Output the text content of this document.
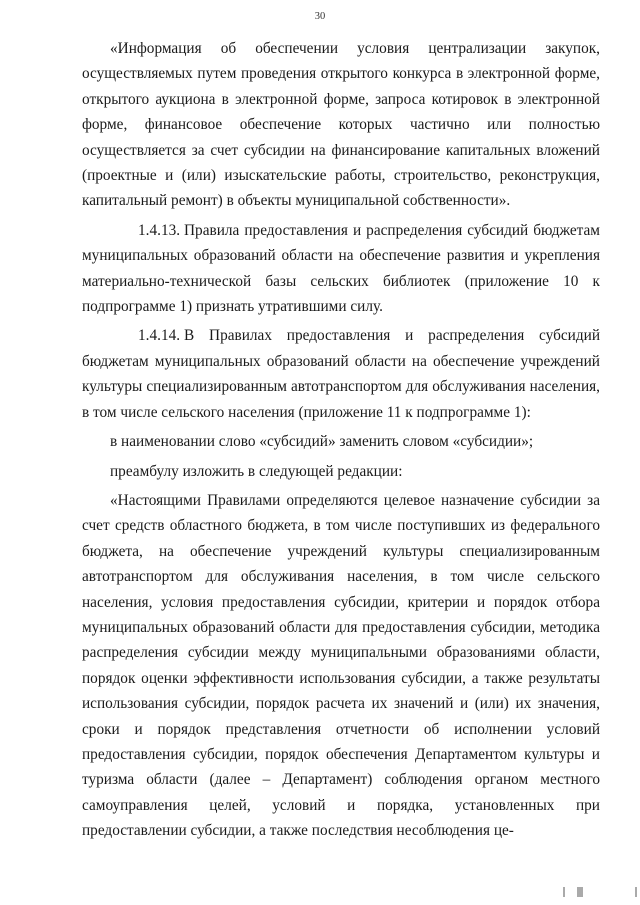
30

«Информация об обеспечении условия централизации закупок, осуществляемых путем проведения открытого конкурса в электронной форме, открытого аукциона в электронной форме, запроса котировок в электронной форме, финансовое обеспечение которых частично или полностью осуществляется за счет субсидии на финансирование капитальных вложений (проектные и (или) изыскательские работы, строительство, реконструкция, капитальный ремонт) в объекты муниципальной собственности».

1.4.13. Правила предоставления и распределения субсидий бюджетам муниципальных образований области на обеспечение развития и укрепления материально-технической базы сельских библиотек (приложение 10 к подпрограмме 1) признать утратившими силу.

1.4.14. В Правилах предоставления и распределения субсидий бюджетам муниципальных образований области на обеспечение учреждений культуры специализированным автотранспортом для обслуживания населения, в том числе сельского населения (приложение 11 к подпрограмме 1):

в наименовании слово «субсидий» заменить словом «субсидии»;

преамбулу изложить в следующей редакции:

«Настоящими Правилами определяются целевое назначение субсидии за счет средств областного бюджета, в том числе поступивших из федерального бюджета, на обеспечение учреждений культуры специализированным автотранспортом для обслуживания населения, в том числе сельского населения, условия предоставления субсидии, критерии и порядок отбора муниципальных образований области для предоставления субсидии, методика распределения субсидии между муниципальными образованиями области, порядок оценки эффективности использования субсидии, а также результаты использования субсидии, порядок расчета их значений и (или) их значения, сроки и порядок представления отчетности об исполнении условий предоставления субсидии, порядок обеспечения Департаментом культуры и туризма области (далее – Департамент) соблюдения органом местного самоуправления целей, условий и порядка, установленных при предоставлении субсидии, а также последствия несоблюдения це-
